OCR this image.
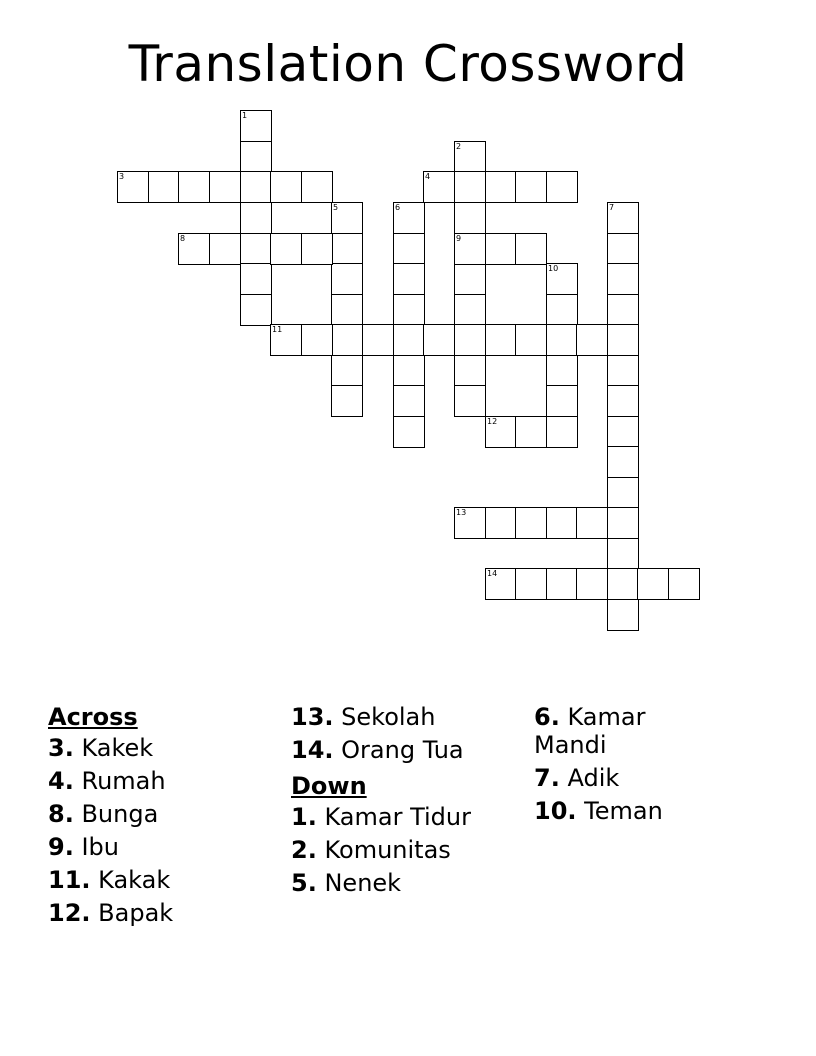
Translation Crossword
1
2
3	4
5	6	7
8	9
10
11
12
13
14
Across
3. Kakek
4. Rumah
8. Bunga
9. Ibu
11. Kakak
12. Bapak
13. Sekolah
14. Orang Tua
Down
1. Kamar Tidur
2. Komunitas
5. Nenek
6. Kamar Mandi
7. Adik
10. Teman
